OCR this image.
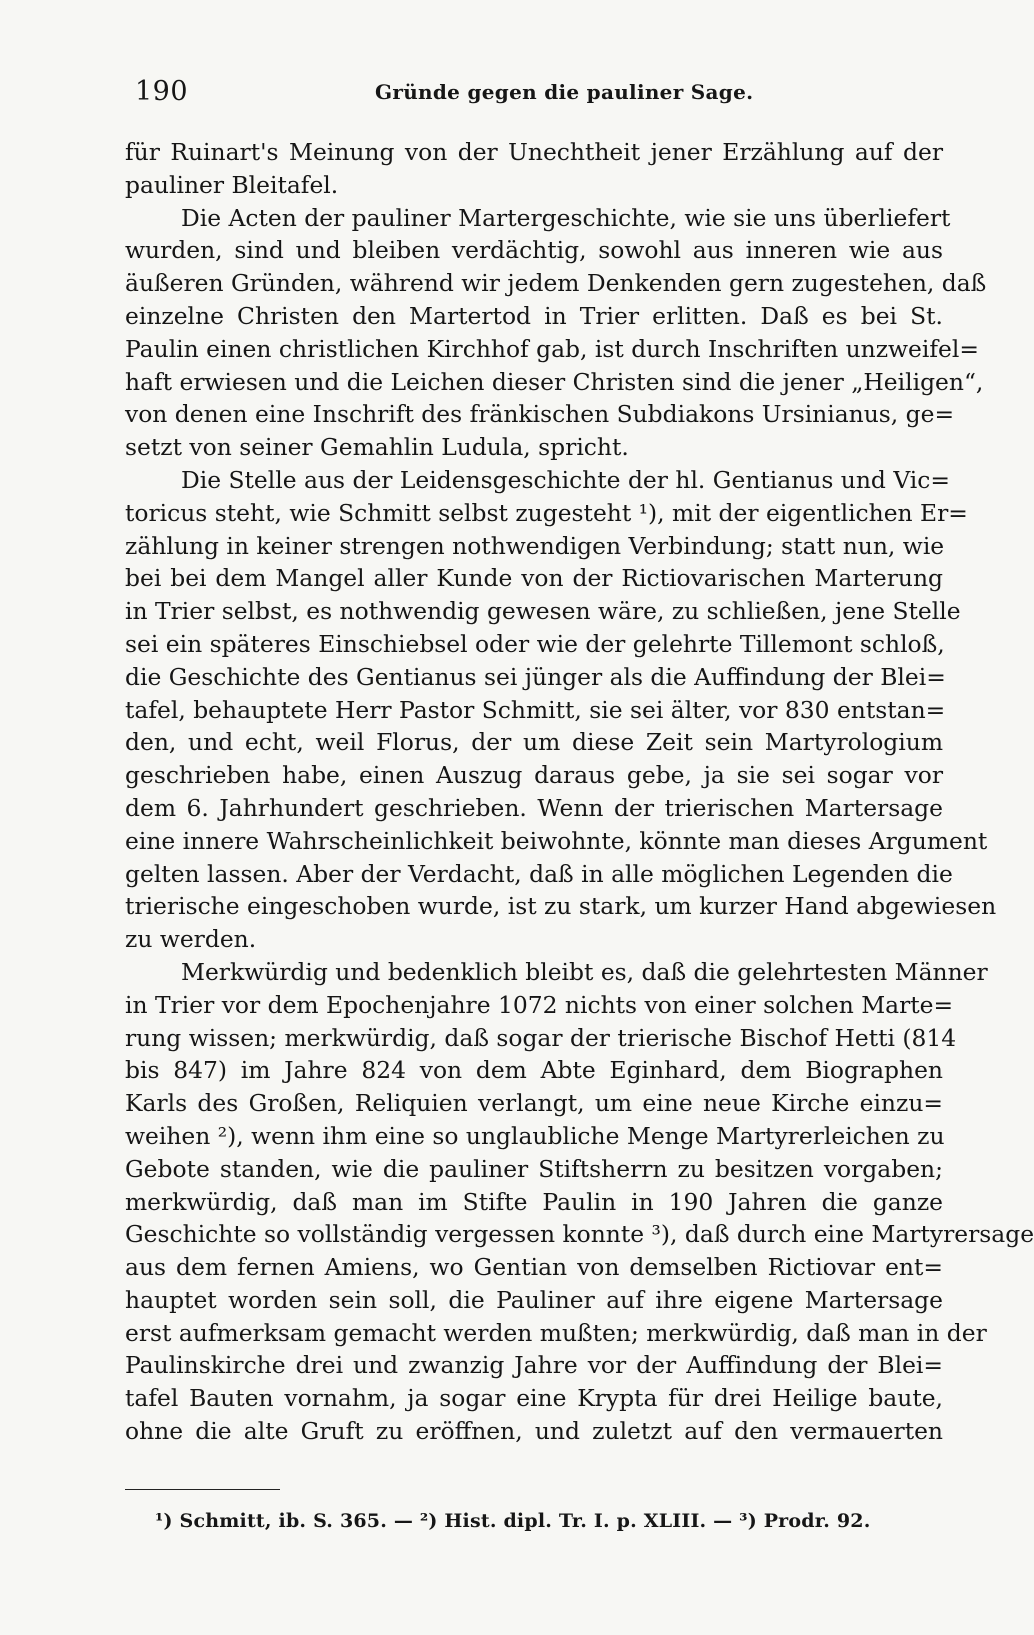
190	Gründe gegen die pauliner Sage.
für Ruinart's Meinung von der Unechtheit jener Erzählung auf der
pauliner Bleitafel.
Die Acten der pauliner Martergeschichte, wie sie uns überliefert
wurden, sind und bleiben verdächtig, sowohl aus inneren wie aus
äußeren Gründen, während wir jedem Denkenden gern zugestehen, daß
einzelne Christen den Martertod in Trier erlitten. Daß es bei St.
Paulin einen christlichen Kirchhof gab, ist durch Inschriften unzweifel=
haft erwiesen und die Leichen dieser Christen sind die jener „Heiligen“,
von denen eine Inschrift des fränkischen Subdiakons Ursinianus, ge=
setzt von seiner Gemahlin Ludula, spricht.
Die Stelle aus der Leidensgeschichte der hl. Gentianus und Vic=
toricus steht, wie Schmitt selbst zugesteht ¹), mit der eigentlichen Er=
zählung in keiner strengen nothwendigen Verbindung; statt nun, wie
bei bei dem Mangel aller Kunde von der Rictiovarischen Marterung
in Trier selbst, es nothwendig gewesen wäre, zu schließen, jene Stelle
sei ein späteres Einschiebsel oder wie der gelehrte Tillemont schloß,
die Geschichte des Gentianus sei jünger als die Auffindung der Blei=
tafel, behauptete Herr Pastor Schmitt, sie sei älter, vor 830 entstan=
den, und echt, weil Florus, der um diese Zeit sein Martyrologium
geschrieben habe, einen Auszug daraus gebe, ja sie sei sogar vor
dem 6. Jahrhundert geschrieben. Wenn der trierischen Martersage
eine innere Wahrscheinlichkeit beiwohnte, könnte man dieses Argument
gelten lassen. Aber der Verdacht, daß in alle möglichen Legenden die
trierische eingeschoben wurde, ist zu stark, um kurzer Hand abgewiesen
zu werden.
Merkwürdig und bedenklich bleibt es, daß die gelehrtesten Männer
in Trier vor dem Epochenjahre 1072 nichts von einer solchen Marte=
rung wissen; merkwürdig, daß sogar der trierische Bischof Hetti (814
bis 847) im Jahre 824 von dem Abte Eginhard, dem Biographen
Karls des Großen, Reliquien verlangt, um eine neue Kirche einzu=
weihen ²), wenn ihm eine so unglaubliche Menge Martyrerleichen zu
Gebote standen, wie die pauliner Stiftsherrn zu besitzen vorgaben;
merkwürdig, daß man im Stifte Paulin in 190 Jahren die ganze
Geschichte so vollständig vergessen konnte ³), daß durch eine Martyrersage
aus dem fernen Amiens, wo Gentian von demselben Rictiovar ent=
hauptet worden sein soll, die Pauliner auf ihre eigene Martersage
erst aufmerksam gemacht werden mußten; merkwürdig, daß man in der
Paulinskirche drei und zwanzig Jahre vor der Auffindung der Blei=
tafel Bauten vornahm, ja sogar eine Krypta für drei Heilige baute,
ohne die alte Gruft zu eröffnen, und zuletzt auf den vermauerten
¹) Schmitt, ib. S. 365. — ²) Hist. dipl. Tr. I. p. XLIII. — ³) Prodr. 92.
